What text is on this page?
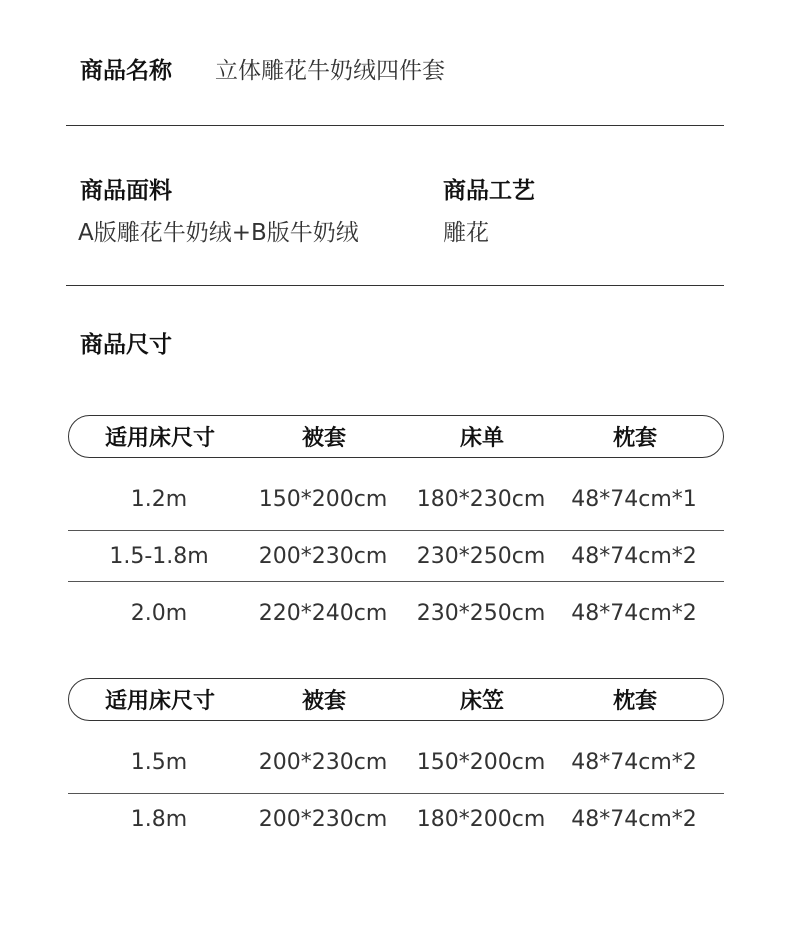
商品名称 立体雕花牛奶绒四件套
商品面料
A版雕花牛奶绒+B版牛奶绒
商品工艺
雕花
商品尺寸
适用床尺寸	被套	床单	枕套
1.2m	150*200cm	180*230cm	48*74cm*1
1.5-1.8m	200*230cm	230*250cm	48*74cm*2
2.0m	220*240cm	230*250cm	48*74cm*2
适用床尺寸	被套	床笠	枕套
1.5m	200*230cm	150*200cm	48*74cm*2
1.8m	200*230cm	180*200cm	48*74cm*2
